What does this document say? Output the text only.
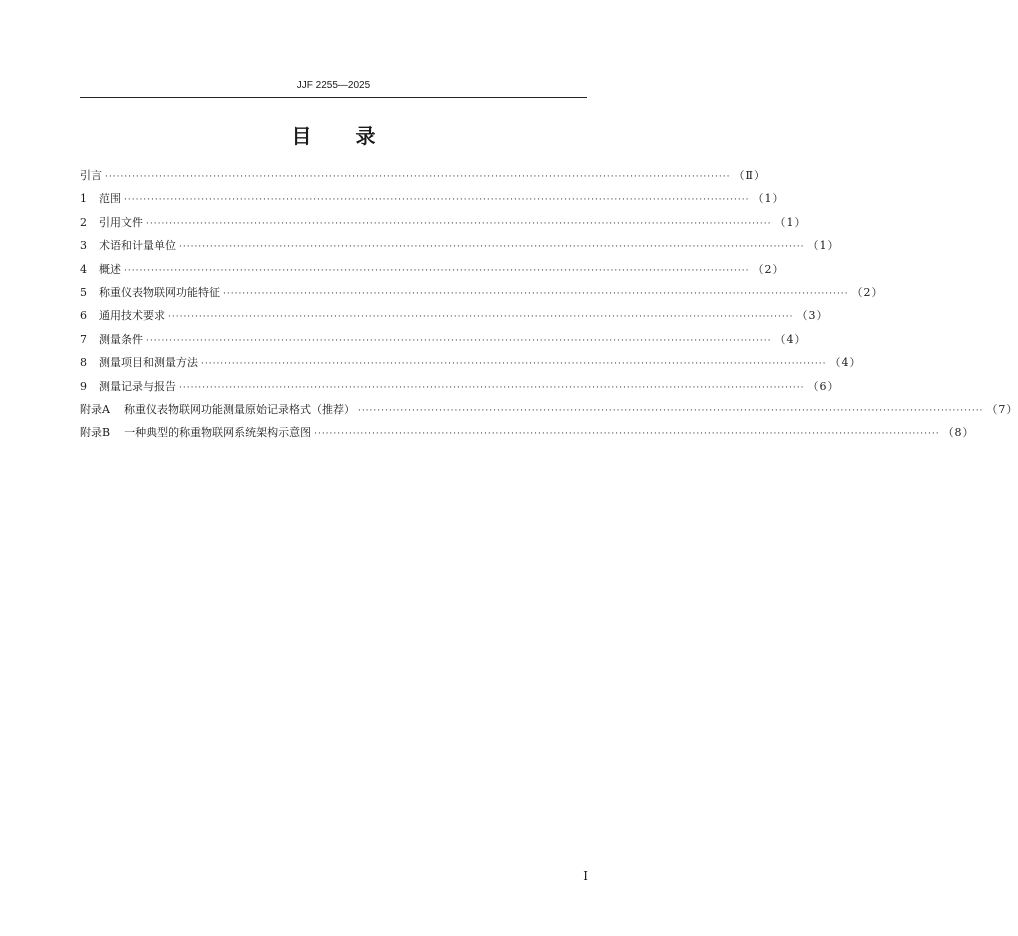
JJF 2255—2025
目录
引言 ·································································································································································· （Ⅱ）
1 范围 ·································································································································································· （1）
2 引用文件 ·································································································································································· （1）
3 术语和计量单位 ·································································································································································· （1）
4 概述 ·································································································································································· （2）
5 称重仪表物联网功能特征 ·································································································································································· （2）
6 通用技术要求 ·································································································································································· （3）
7 测量条件 ·································································································································································· （4）
8 测量项目和测量方法 ·································································································································································· （4）
9 测量记录与报告 ·································································································································································· （6）
附录A 称重仪表物联网功能测量原始记录格式（推荐） ·································································································································································· （7）
附录B 一种典型的称重物联网系统架构示意图 ·································································································································································· （8）
I
